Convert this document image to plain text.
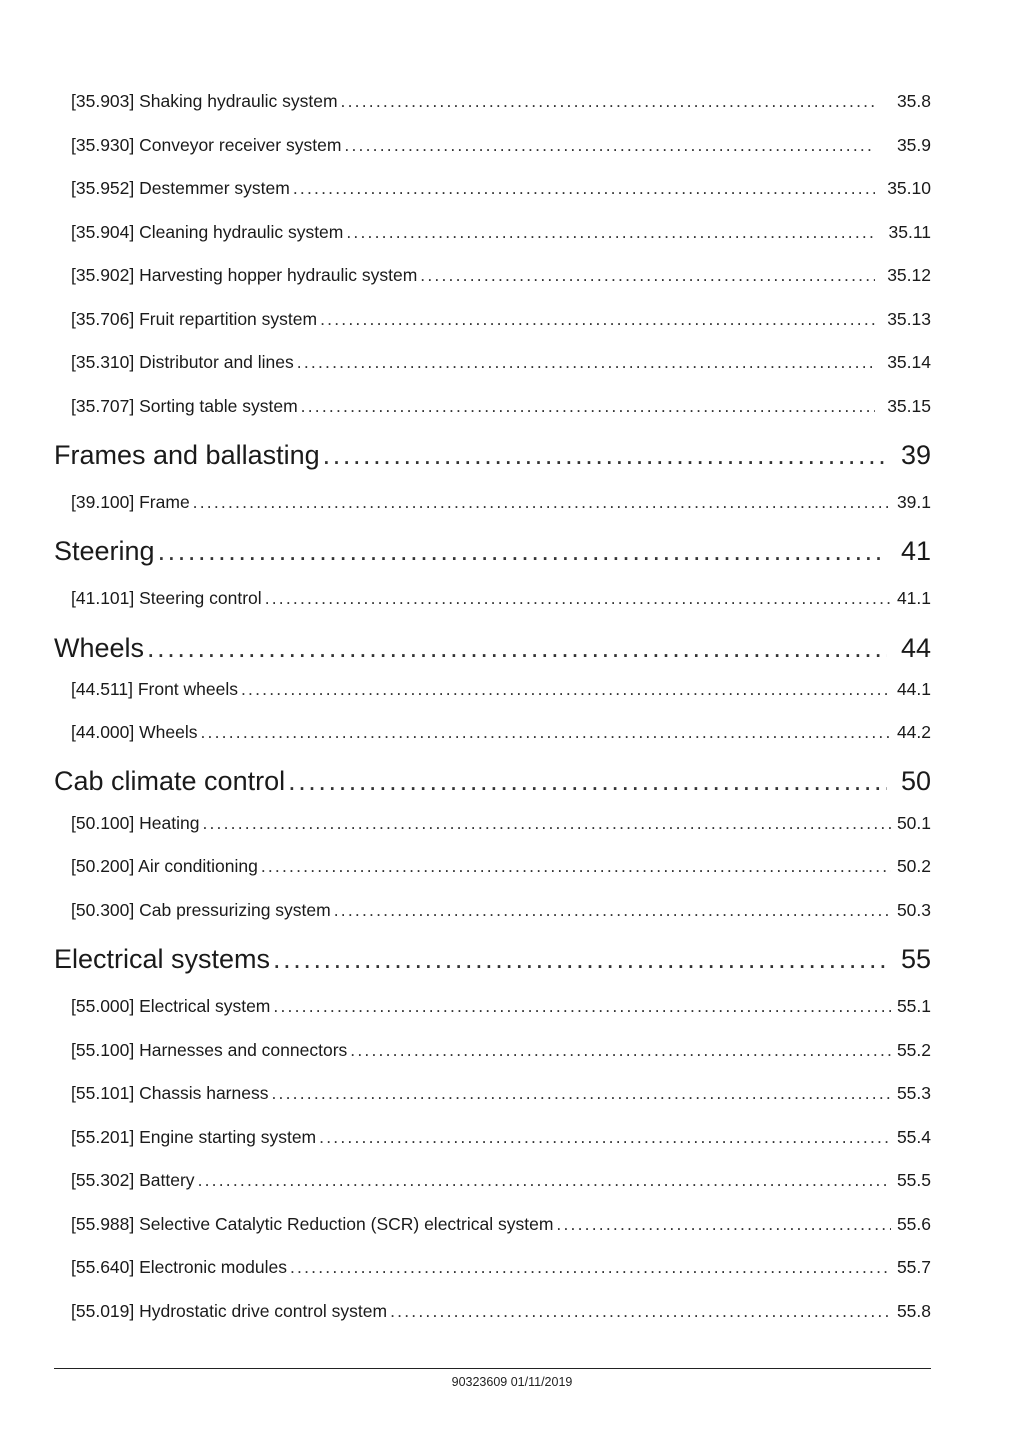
[35.903] Shaking hydraulic system .....	35.8
[35.930] Conveyor receiver system .....	35.9
[35.952] Destemmer system .....	35.10
[35.904] Cleaning hydraulic system .....	35.11
[35.902] Harvesting hopper hydraulic system .....	35.12
[35.706] Fruit repartition system .....	35.13
[35.310] Distributor and lines .....	35.14
[35.707] Sorting table system .....	35.15
Frames and ballasting .....	39
[39.100] Frame .....	39.1
Steering .....	41
[41.101] Steering control .....	41.1
Wheels .....	44
[44.511] Front wheels .....	44.1
[44.000] Wheels .....	44.2
Cab climate control .....	50
[50.100] Heating .....	50.1
[50.200] Air conditioning .....	50.2
[50.300] Cab pressurizing system .....	50.3
Electrical systems .....	55
[55.000] Electrical system .....	55.1
[55.100] Harnesses and connectors .....	55.2
[55.101] Chassis harness .....	55.3
[55.201] Engine starting system .....	55.4
[55.302] Battery .....	55.5
[55.988] Selective Catalytic Reduction (SCR) electrical system .....	55.6
[55.640] Electronic modules .....	55.7
[55.019] Hydrostatic drive control system .....	55.8
90323609 01/11/2019
